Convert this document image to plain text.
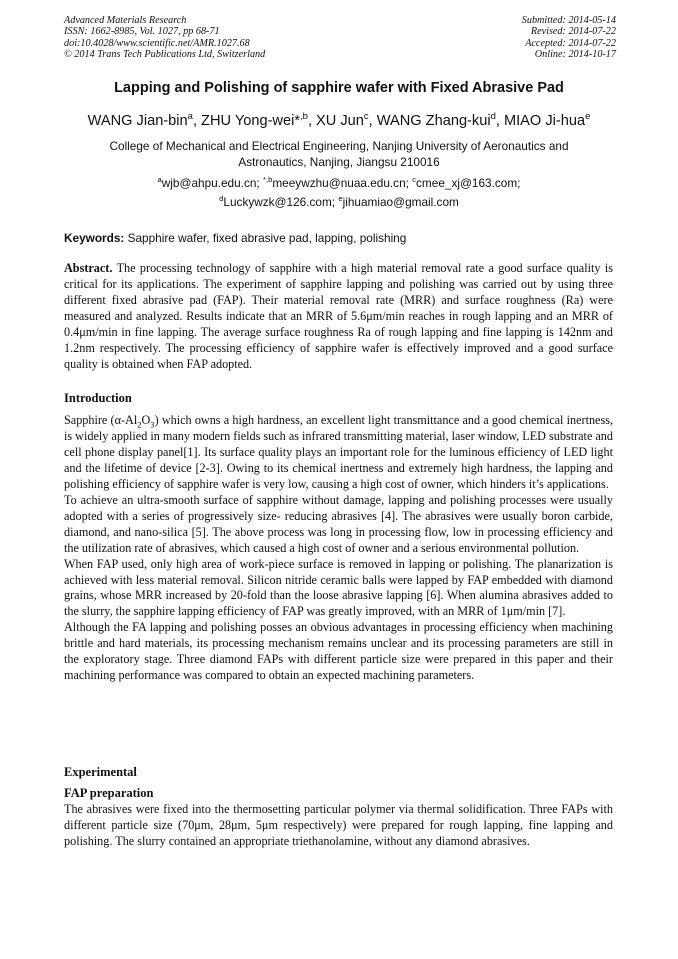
Advanced Materials Research
ISSN: 1662-8985, Vol. 1027, pp 68-71
doi:10.4028/www.scientific.net/AMR.1027.68
© 2014 Trans Tech Publications Ltd, Switzerland
Submitted: 2014-05-14
Revised: 2014-07-22
Accepted: 2014-07-22
Online: 2014-10-17
Lapping and Polishing of sapphire wafer with Fixed Abrasive Pad
WANG Jian-bin$^a$, ZHU Yong-wei*$^{,b}$, XU Jun$^c$, WANG Zhang-kui$^d$, MIAO Ji-hua$^e$
College of Mechanical and Electrical Engineering, Nanjing University of Aeronautics and Astronautics, Nanjing, Jiangsu 210016
$^a$wjb@ahpu.edu.cn; $^{*,b}$meeywzhu@nuaa.edu.cn; $^c$cmee_xj@163.com;
$^d$Luckywzk@126.com; $^e$jihuamiao@gmail.com
Keywords: Sapphire wafer, fixed abrasive pad, lapping, polishing

Abstract. The processing technology of sapphire with a high material removal rate a good surface quality is critical for its applications. The experiment of sapphire lapping and polishing was carried out by using three different fixed abrasive pad (FAP). Their material removal rate (MRR) and surface roughness (Ra) were measured and analyzed. Results indicate that an MRR of 5.6μm/min reaches in rough lapping and an MRR of 0.4μm/min in fine lapping. The average surface roughness Ra of rough lapping and fine lapping is 142nm and 1.2nm respectively. The processing efficiency of sapphire wafer is effectively improved and a good surface quality is obtained when FAP adopted.

Introduction

Sapphire $(\alpha-Al_2O_3)$ which owns a high hardness, an excellent light transmittance and a good chemical inertness, is widely applied in many modern fields such as infrared transmitting material, laser window, LED substrate and cell phone display panel[1]. Its surface quality plays an important role for the luminous efficiency of LED light and the lifetime of device [2-3]. Owing to its chemical inertness and extremely high hardness, the lapping and polishing efficiency of sapphire wafer is very low, causing a high cost of owner, which hinders it’s applications.

To achieve an ultra-smooth surface of sapphire without damage, lapping and polishing processes were usually adopted with a series of progressively size- reducing abrasives [4]. The abrasives were usually boron carbide, diamond, and nano-silica [5]. The above process was long in processing flow, low in processing efficiency and the utilization rate of abrasives, which caused a high cost of owner and a serious environmental pollution.

When FAP used, only high area of work-piece surface is removed in lapping or polishing. The planarization is achieved with less material removal. Silicon nitride ceramic balls were lapped by FAP embedded with diamond grains, whose MRR increased by 20-fold than the loose abrasive lapping [6]. When alumina abrasives added to the slurry, the sapphire lapping efficiency of FAP was greatly improved, with an MRR of 1μm/min [7].

Although the FA lapping and polishing posses an obvious advantages in processing efficiency when machining brittle and hard materials, its processing mechanism remains unclear and its processing parameters are still in the exploratory stage. Three diamond FAPs with different particle size were prepared in this paper and their machining performance was compared to obtain an expected machining parameters.

Experimental
FAP preparation

The abrasives were fixed into the thermosetting particular polymer via thermal solidification. Three FAPs with different particle size (70μm, 28μm, 5μm respectively) were prepared for rough lapping, fine lapping and polishing. The slurry contained an appropriate triethanolamine, without any diamond abrasives.
